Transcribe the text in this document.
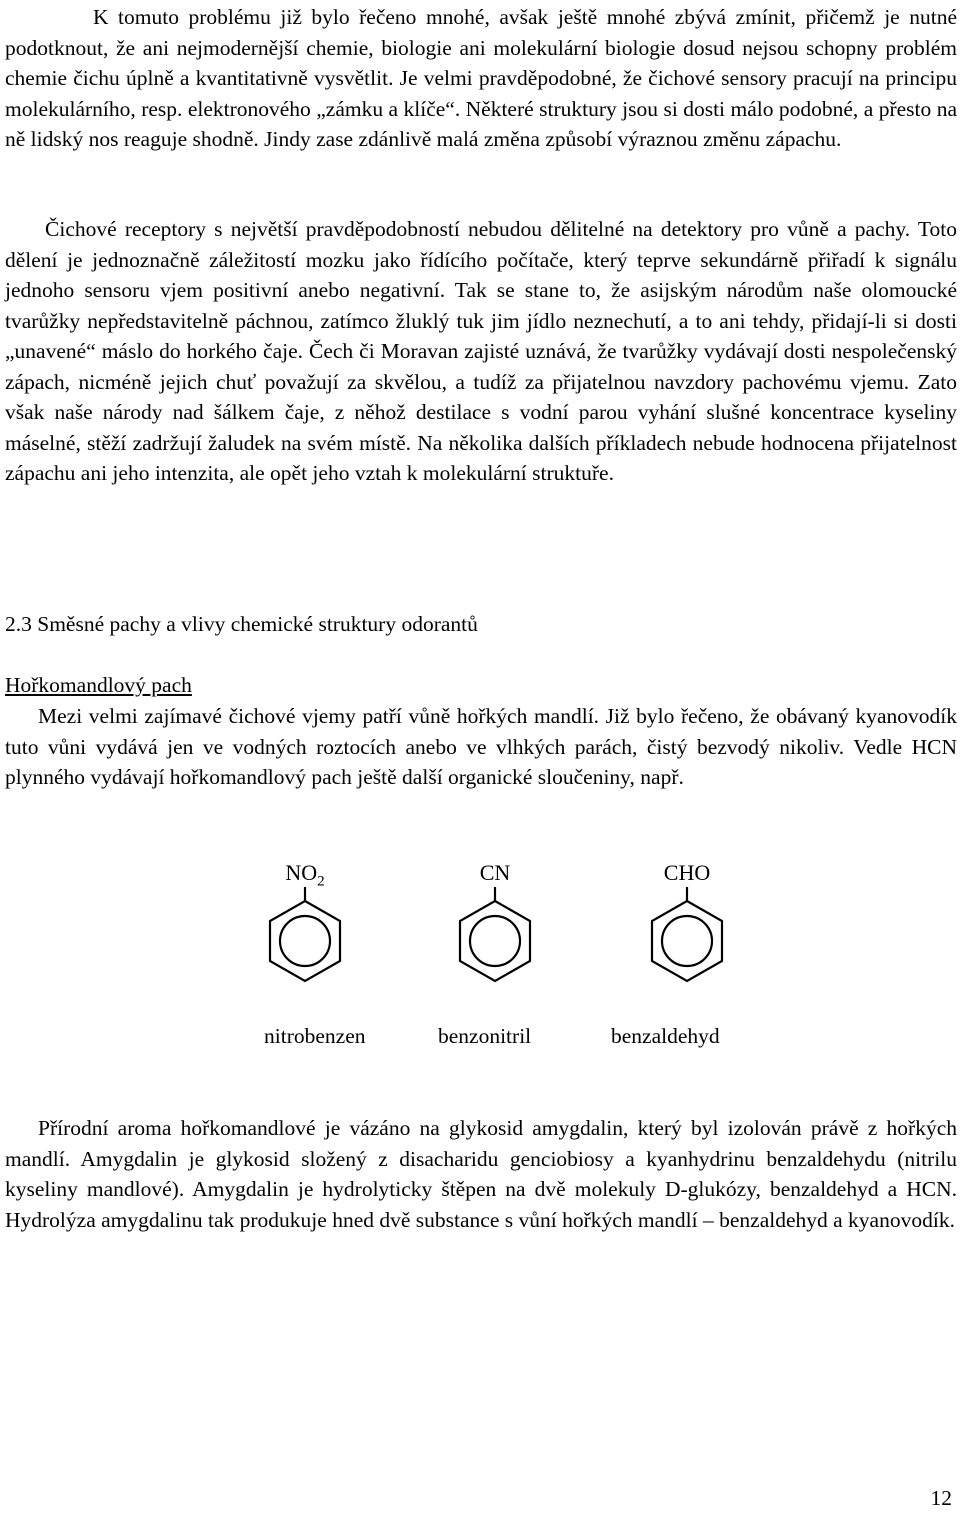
K tomuto problému již bylo řečeno mnohé, avšak ještě mnohé zbývá zmínit, přičemž je nutné podotknout, že ani nejmodernější chemie, biologie ani molekulární biologie dosud nejsou schopny problém chemie čichu úplně a kvantitativně vysvětlit. Je velmi pravděpodobné, že čichové sensory pracují na principu molekulárního, resp. elektronového „zámku a klíče“. Některé struktury jsou si dosti málo podobné, a přesto na ně lidský nos reaguje shodně. Jindy zase zdánlivě malá změna způsobí výraznou změnu zápachu.

Čichové receptory s největší pravděpodobností nebudou dělitelné na detektory pro vůně a pachy. Toto dělení je jednoznačně záležitostí mozku jako řídícího počítače, který teprve sekundárně přiřadí k signálu jednoho sensoru vjem positivní anebo negativní. Tak se stane to, že asijským národům naše olomoucké tvarůžky nepředstavitelně páchnou, zatímco žluklý tuk jim jídlo neznechutí, a to ani tehdy, přidají-li si dosti „unavené“ máslo do horkého čaje. Čech či Moravan zajisté uznává, že tvarůžky vydávají dosti nespolečenský zápach, nicméně jejich chuť považují za skvělou, a tudíž za přijatelnou navzdory pachovému vjemu. Zato však naše národy nad šálkem čaje, z něhož destilace s vodní parou vyhání slušné koncentrace kyseliny máselné, stěží zadržují žaludek na svém místě. Na několika dalších příkladech nebude hodnocena přijatelnost zápachu ani jeho intenzita, ale opět jeho vztah k molekulární struktuře.

2.3 Směsné pachy a vlivy chemické struktury odorantů
Hořkomandlový pach

Mezi velmi zajímavé čichové vjemy patří vůně hořkých mandlí. Již bylo řečeno, že obávaný kyanovodík tuto vůni vydává jen ve vodných roztocích anebo ve vlhkých parách, čistý bezvodý nikoliv. Vedle HCN plynného vydávají hořkomandlový pach ještě další organické sloučeniny, např.

$NO_2$	CN	CHO
nitrobenzen	benzonitril	benzaldehyd

Přírodní aroma hořkomandlové je vázáno na glykosid amygdalin, který byl izolován právě z hořkých mandlí. Amygdalin je glykosid složený z disacharidu genciobiosy a kyanhydrinu benzaldehydu (nitrilu kyseliny mandlové). Amygdalin je hydrolyticky štěpen na dvě molekuly D-glukózy, benzaldehyd a HCN. Hydrolýza amygdalinu tak produkuje hned dvě substance s vůní hořkých mandlí – benzaldehyd a kyanovodík.

12
